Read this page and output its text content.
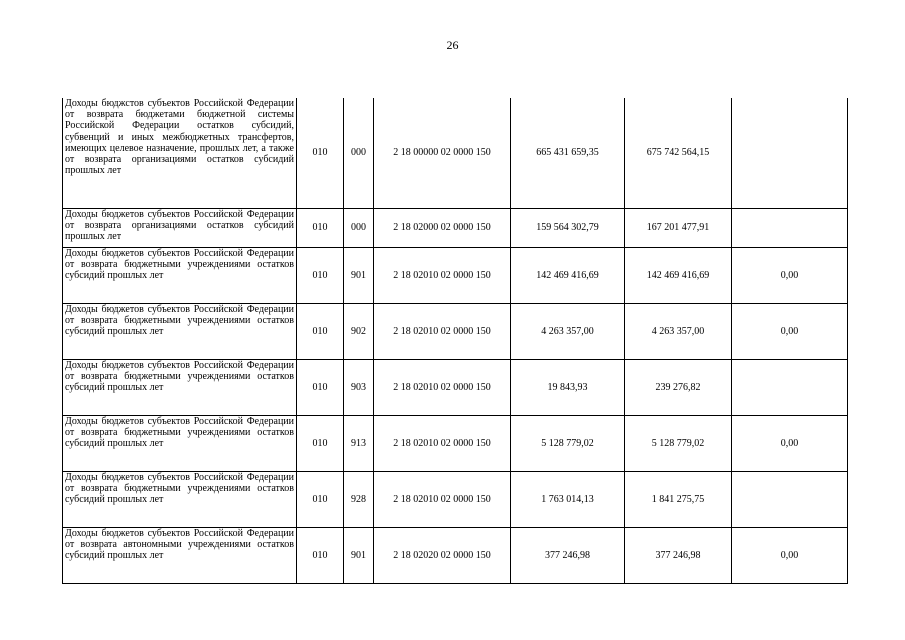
26
Доходы бюджстов субъектов Российской Федерации от возврата бюджетами бюджетной системы Российской Федерации остатков субсидий, субвенций и иных межбюджетных трансфертов, имеющих целевое назначение, прошлых лет, а также от возврата организациями остатков субсидий прошлых лет	010	000	2 18 00000 02 0000 150	665 431 659,35	675 742 564,15	
Доходы бюджетов субъектов Российской Федерации от возврата организациями остатков субсидий прошлых лет	010	000	2 18 02000 02 0000 150	159 564 302,79	167 201 477,91	
Доходы бюджетов субъектов Российской Федерации от возврата бюджетными учреждениями остатков субсидий прошлых лет	010	901	2 18 02010 02 0000 150	142 469 416,69	142 469 416,69	0,00
Доходы бюджетов субъектов Российской Федерации от возврата бюджетными учреждениями остатков субсидий прошлых лет	010	902	2 18 02010 02 0000 150	4 263 357,00	4 263 357,00	0,00
Доходы бюджетов субъектов Российской Федерации от возврата бюджетными учреждениями остатков субсидий прошлых лет	010	903	2 18 02010 02 0000 150	19 843,93	239 276,82	
Доходы бюджетов субъектов Российской Федерации от возврата бюджетными учреждениями остатков субсидий прошлых лет	010	913	2 18 02010 02 0000 150	5 128 779,02	5 128 779,02	0,00
Доходы бюджетов субъектов Российской Федерации от возврата бюджетными учреждениями остатков субсидий прошлых лет	010	928	2 18 02010 02 0000 150	1 763 014,13	1 841 275,75	
Доходы бюджетов субъектов Российской Федерации от возврата автономными учреждениями остатков субсидий прошлых лет	010	901	2 18 02020 02 0000 150	377 246,98	377 246,98	0,00
